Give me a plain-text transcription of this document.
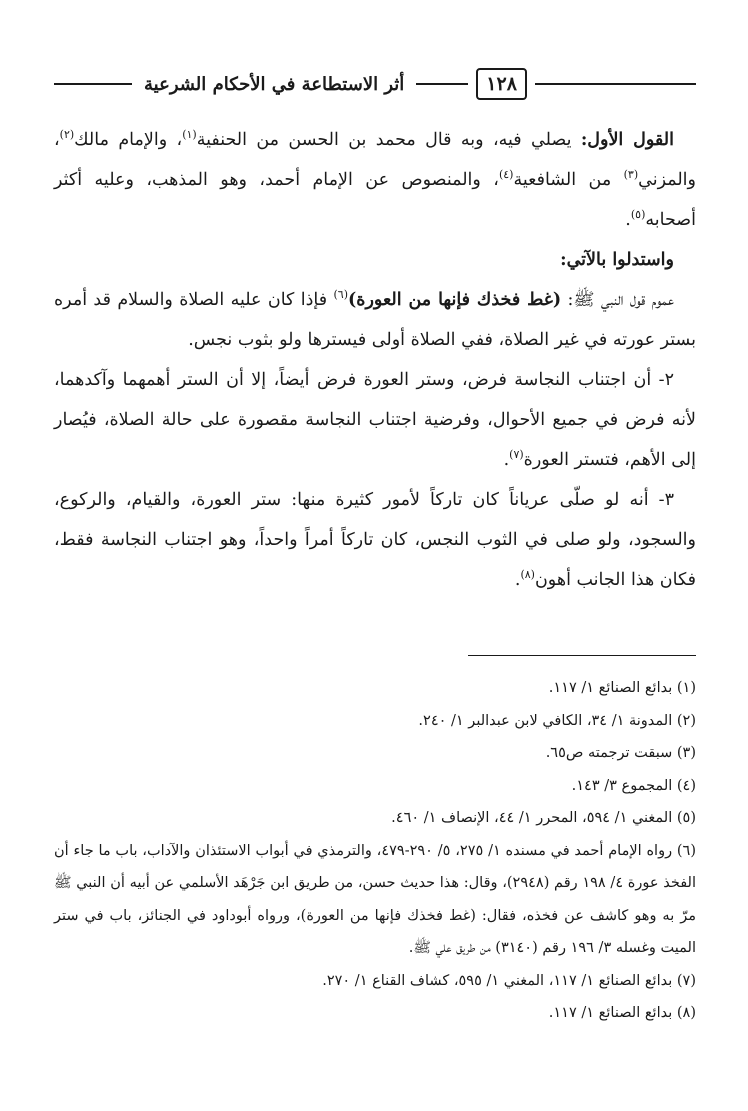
أثر الاستطاعة في الأحكام الشرعية	١٢٨

القول الأول: يصلي فيه، وبه قال محمد بن الحسن من الحنفية$^{(١)}$، والإمام مالك$^{(٢)}$، والمزني$^{(٣)}$ من الشافعية$^{(٤)}$، والمنصوص عن الإمام أحمد، وهو المذهب، وعليه أكثر أصحابه$^{(٥)}$.

واستدلوا بالآتي:

عموم قول النبي ﷺ: (غط فخذك فإنها من العورة)$^{(٦)}$ فإذا كان عليه الصلاة والسلام قد أمره بستر عورته في غير الصلاة، ففي الصلاة أولى فيسترها ولو بثوب نجس.

٢- أن اجتناب النجاسة فرض، وستر العورة فرض أيضاً، إلا أن الستر أهمهما وآكدهما، لأنه فرض في جميع الأحوال، وفرضية اجتناب النجاسة مقصورة على حالة الصلاة، فيُصار إلى الأهم، فتستر العورة$^{(٧)}$.

٣- أنه لو صلّى عرياناً كان تاركاً لأمور كثيرة منها: ستر العورة، والقيام، والركوع، والسجود، ولو صلى في الثوب النجس، كان تاركاً أمراً واحداً، وهو اجتناب النجاسة فقط، فكان هذا الجانب أهون$^{(٨)}$.

(١) بدائع الصنائع ١/ ١١٧.

(٢) المدونة ١/ ٣٤، الكافي لابن عبدالبر ١/ ٢٤٠.

(٣) سبقت ترجمته ص٦٥.

(٤) المجموع ٣/ ١٤٣.

(٥) المغني ١/ ٥٩٤، المحرر ١/ ٤٤، الإنصاف ١/ ٤٦٠.

(٦) رواه الإمام أحمد في مسنده ١/ ٢٧٥، ٥/ ٢٩٠-٤٧٩، والترمذي في أبواب الاستئذان والآداب، باب ما جاء أن الفخذ عورة ٤/ ١٩٨ رقم (٢٩٤٨)، وقال: هذا حديث حسن، من طريق ابن جَرْهَد الأسلمي عن أبيه أن النبي ﷺ مرّ به وهو كاشف عن فخذه، فقال: (غط فخذك فإنها من العورة)، ورواه أبوداود في الجنائز، باب في ستر الميت وغسله ٣/ ١٩٦ رقم (٣١٤٠) من طريق علي ﷺ.

(٧) بدائع الصنائع ١/ ١١٧، المغني ١/ ٥٩٥، كشاف القناع ١/ ٢٧٠.

(٨) بدائع الصنائع ١/ ١١٧.
